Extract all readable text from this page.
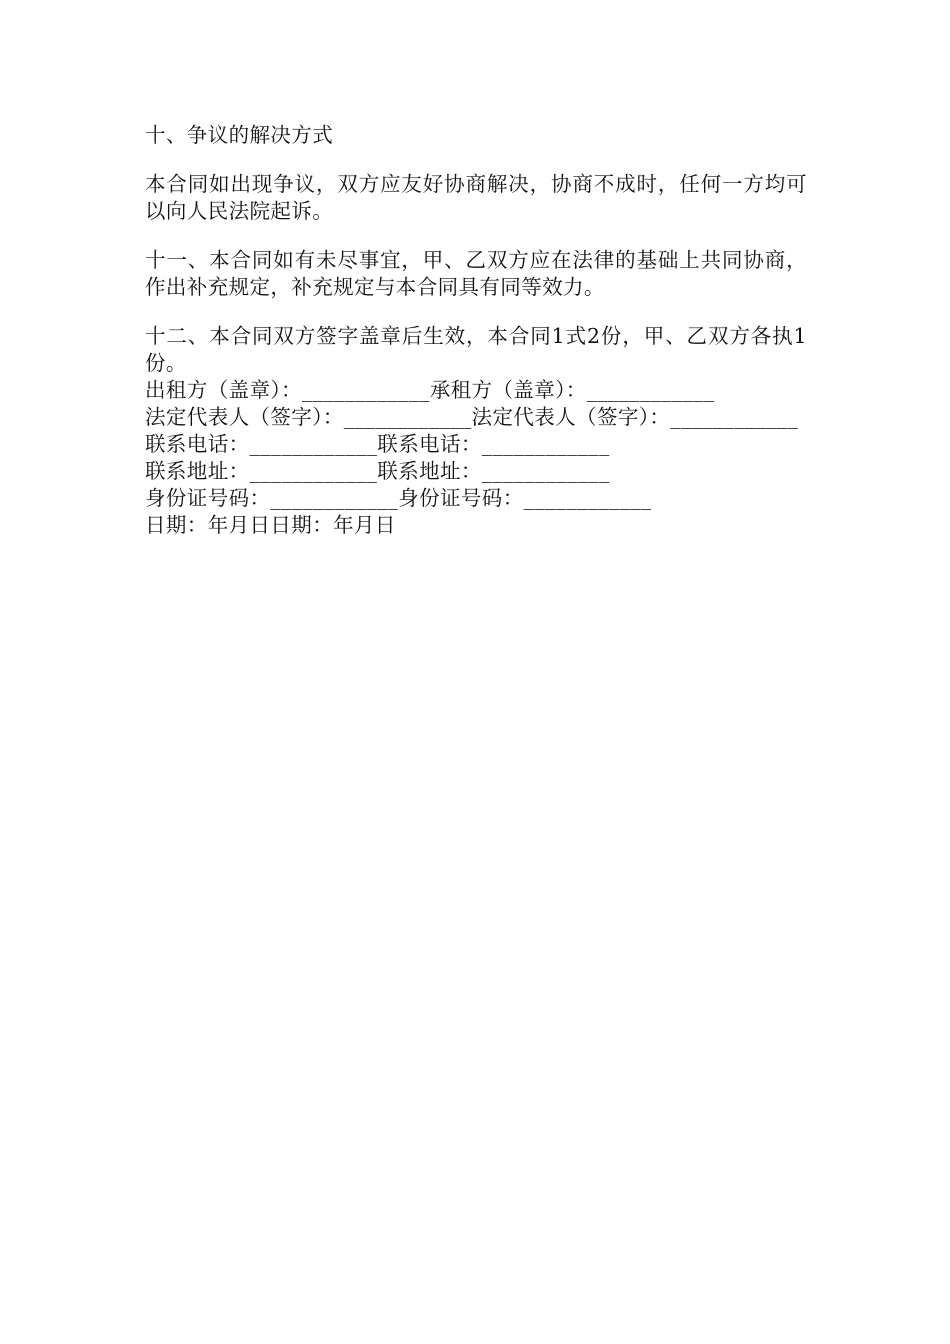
十、争议的解决方式

本合同如出现争议，双方应友好协商解决，协商不成时，任何一方均可以向人民法院起诉。

十一、本合同如有未尽事宜，甲、乙双方应在法律的基础上共同协商，作出补充规定，补充规定与本合同具有同等效力。

十二、本合同双方签字盖章后生效，本合同1式2份，甲、乙双方各执1份。

出租方（盖章）：____________承租方（盖章）：____________

法定代表人（签字）：____________法定代表人（签字）：____________

联系电话：____________联系电话：____________

联系地址：____________联系地址：____________

身份证号码：____________身份证号码：____________

日期：年月日日期：年月日
